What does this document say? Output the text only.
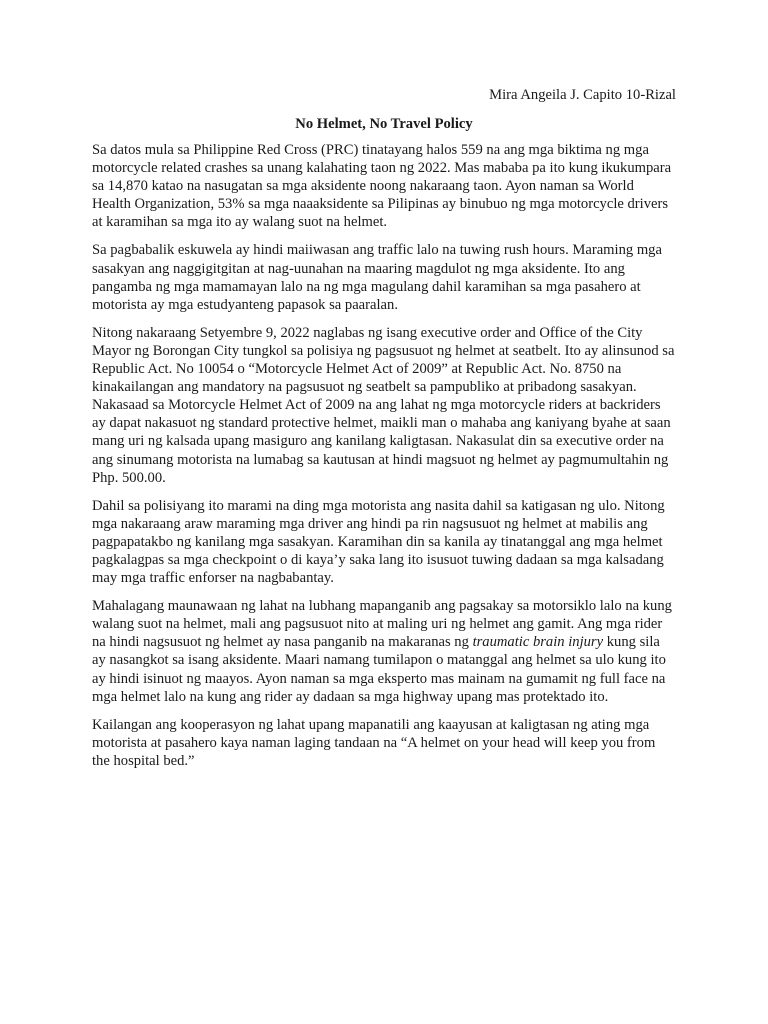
Mira Angeila J. Capito 10-Rizal

No Helmet, No Travel Policy

Sa datos mula sa Philippine Red Cross (PRC) tinatayang halos 559 na ang mga biktima ng mga motorcycle related crashes sa unang kalahating taon ng 2022. Mas mababa pa ito kung ikukumpara sa 14,870 katao na nasugatan sa mga aksidente noong nakaraang taon. Ayon naman sa World Health Organization, 53% sa mga naaaksidente sa Pilipinas ay binubuo ng mga motorcycle drivers at karamihan sa mga ito ay walang suot na helmet.

Sa pagbabalik eskuwela ay hindi maiiwasan ang traffic lalo na tuwing rush hours. Maraming mga sasakyan ang naggigitgitan at nag-uunahan na maaring magdulot ng mga aksidente. Ito ang pangamba ng mga mamamayan lalo na ng mga magulang dahil karamihan sa mga pasahero at motorista ay mga estudyanteng papasok sa paaralan.

Nitong nakaraang Setyembre 9, 2022 naglabas ng isang executive order and Office of the City Mayor ng Borongan City tungkol sa polisiya ng pagsusuot ng helmet at seatbelt. Ito ay alinsunod sa Republic Act. No 10054 o “Motorcycle Helmet Act of 2009” at Republic Act. No. 8750 na kinakailangan ang mandatory na pagsusuot ng seatbelt sa pampubliko at pribadong sasakyan. Nakasaad sa Motorcycle Helmet Act of 2009 na ang lahat ng mga motorcycle riders at backriders ay dapat nakasuot ng standard protective helmet, maikli man o mahaba ang kaniyang byahe at saan mang uri ng kalsada upang masiguro ang kanilang kaligtasan. Nakasulat din sa executive order na ang sinumang motorista na lumabag sa kautusan at hindi magsuot ng helmet ay pagmumultahin ng Php. 500.00.

Dahil sa polisiyang ito marami na ding mga motorista ang nasita dahil sa katigasan ng ulo. Nitong mga nakaraang araw maraming mga driver ang hindi pa rin nagsusuot ng helmet at mabilis ang pagpapatakbo ng kanilang mga sasakyan. Karamihan din sa kanila ay tinatanggal ang mga helmet pagkalagpas sa mga checkpoint o di kaya’y saka lang ito isusuot tuwing dadaan sa mga kalsadang may mga traffic enforser na nagbabantay.

Mahalagang maunawaan ng lahat na lubhang mapanganib ang pagsakay sa motorsiklo lalo na kung walang suot na helmet, mali ang pagsusuot nito at maling uri ng helmet ang gamit. Ang mga rider na hindi nagsusuot ng helmet ay nasa panganib na makaranas ng traumatic brain injury kung sila ay nasangkot sa isang aksidente. Maari namang tumilapon o matanggal ang helmet sa ulo kung ito ay hindi isinuot ng maayos. Ayon naman sa mga eksperto mas mainam na gumamit ng full face na mga helmet lalo na kung ang rider ay dadaan sa mga highway upang mas protektado ito.

Kailangan ang kooperasyon ng lahat upang mapanatili ang kaayusan at kaligtasan ng ating mga motorista at pasahero kaya naman laging tandaan na “A helmet on your head will keep you from the hospital bed.”
